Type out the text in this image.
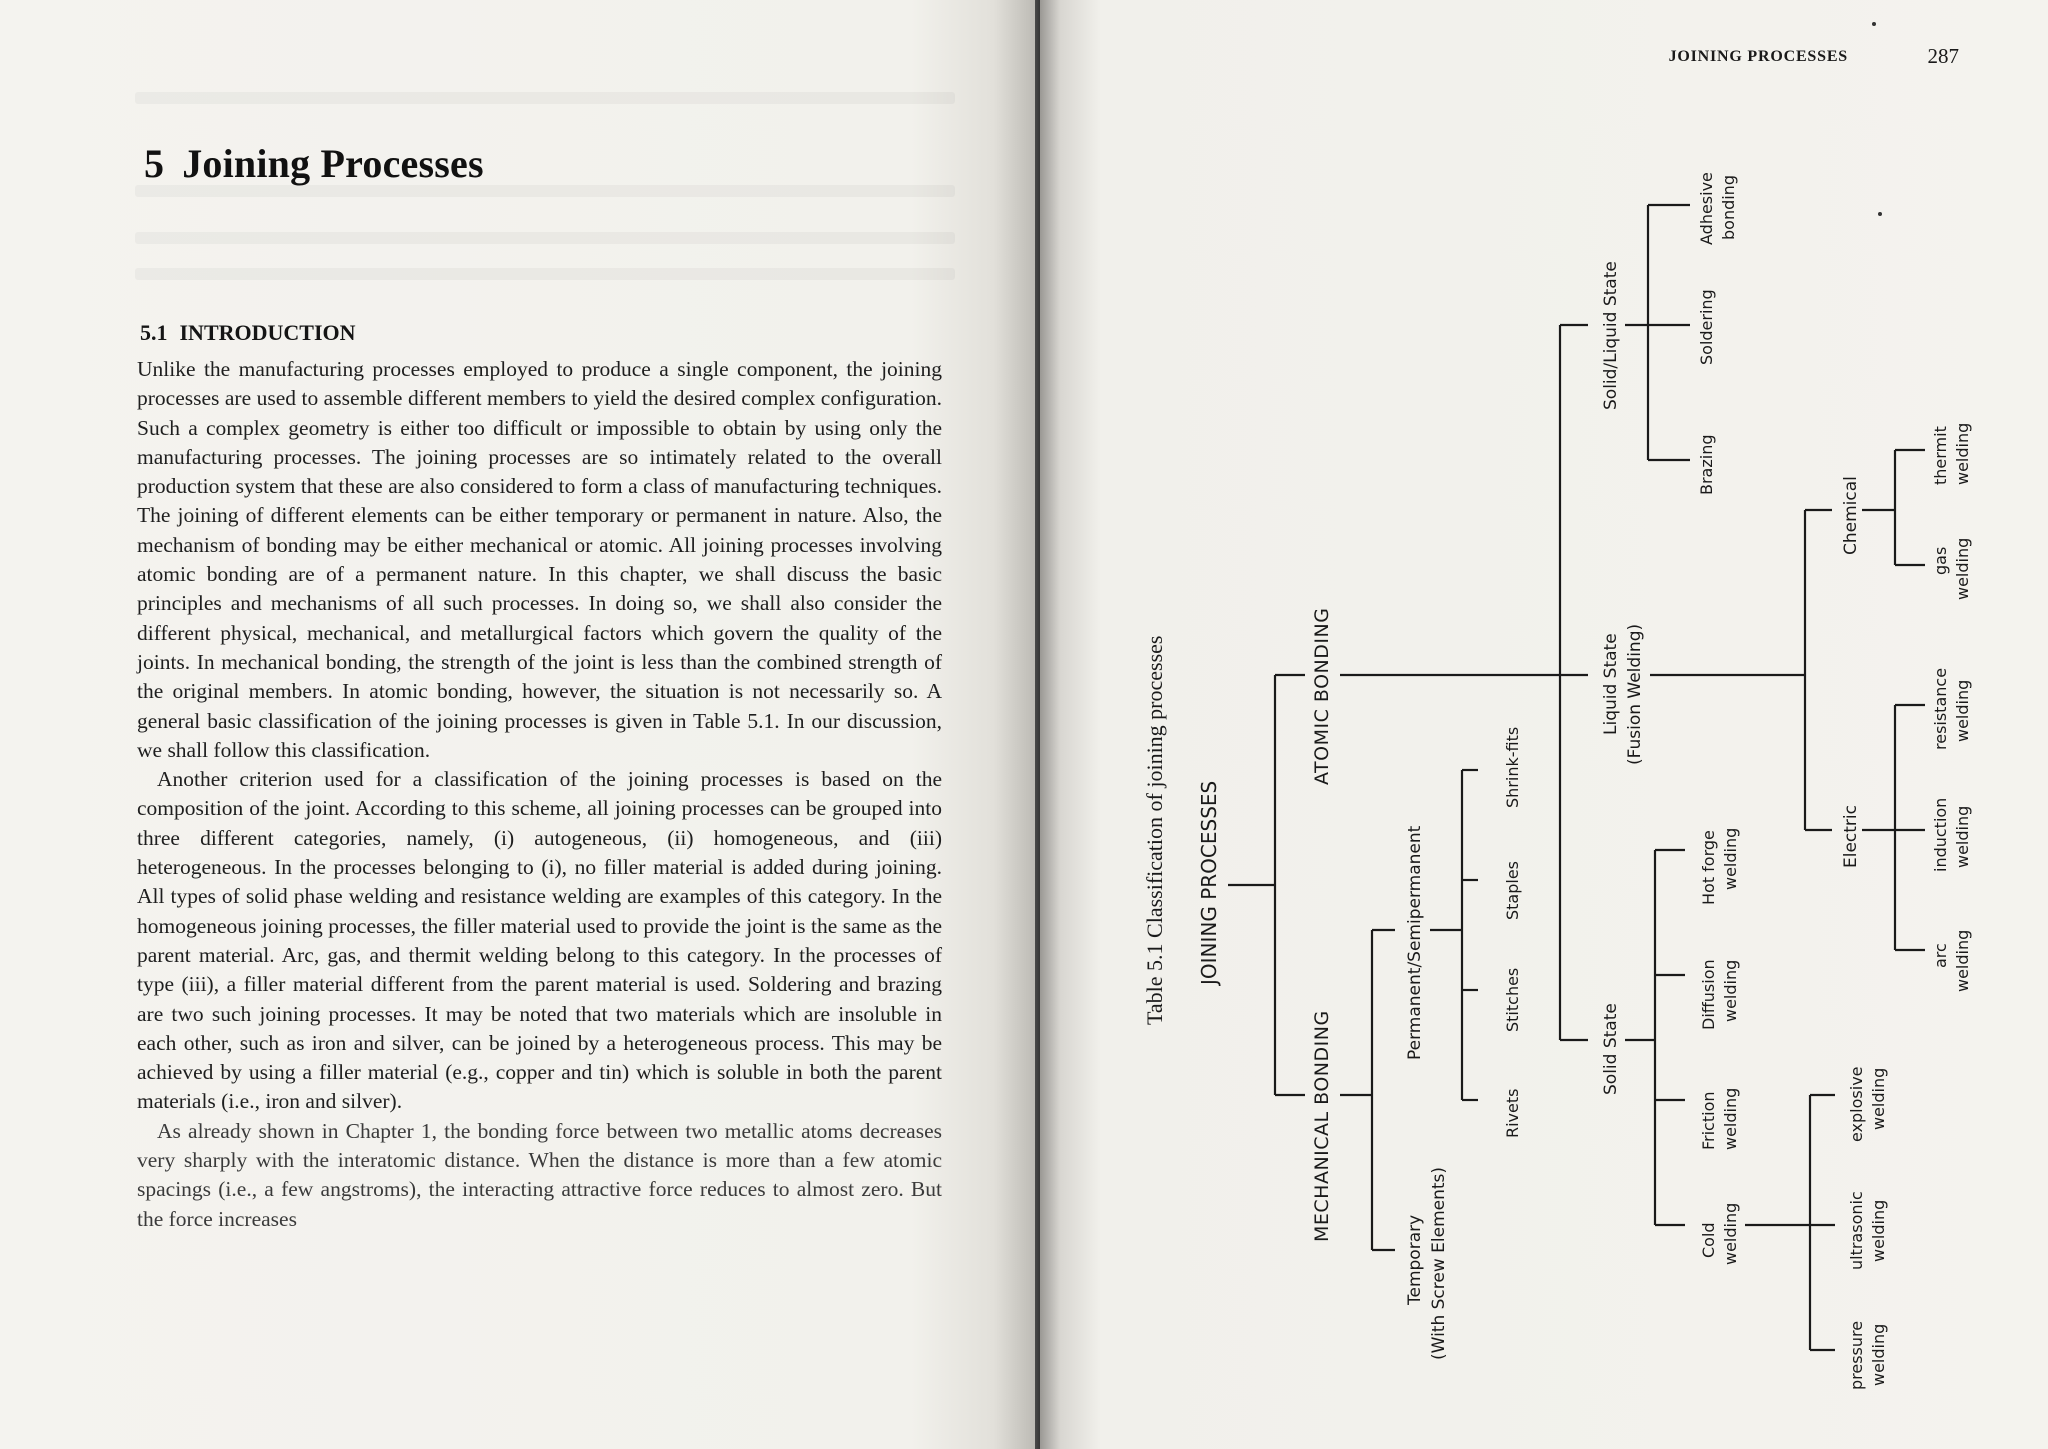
5 Joining Processes
5.1 INTRODUCTION

Unlike the manufacturing processes employed to produce a single component, the joining processes are used to assemble different members to yield the desired complex configuration. Such a complex geometry is either too difficult or impossible to obtain by using only the manufacturing processes. The joining processes are so intimately related to the overall production system that these are also considered to form a class of manufacturing techniques. The joining of different elements can be either temporary or permanent in nature. Also, the mechanism of bonding may be either mechanical or atomic. All joining processes involving atomic bonding are of a permanent nature. In this chapter, we shall discuss the basic principles and mechanisms of all such processes. In doing so, we shall also consider the different physical, mechanical, and metallurgical factors which govern the quality of the joints. In mechanical bonding, the strength of the joint is less than the combined strength of the original members. In atomic bonding, however, the situation is not necessarily so. A general basic classification of the joining processes is given in Table 5.1. In our discussion, we shall follow this classification.

Another criterion used for a classification of the joining processes is based on the composition of the joint. According to this scheme, all joining processes can be grouped into three different categories, namely, (i) autogeneous, (ii) homogeneous, and (iii) heterogeneous. In the processes belonging to (i), no filler material is added during joining. All types of solid phase welding and resistance welding are examples of this category. In the homogeneous joining processes, the filler material used to provide the joint is the same as the parent material. Arc, gas, and thermit welding belong to this category. In the processes of type (iii), a filler material different from the parent material is used. Soldering and brazing are two such joining processes. It may be noted that two materials which are insoluble in each other, such as iron and silver, can be joined by a heterogeneous process. This may be achieved by using a filler material (e.g., copper and tin) which is soluble in both the parent materials (i.e., iron and silver).

As already shown in Chapter 1, the bonding force between two metallic atoms decreases very sharply with the interatomic distance. When the distance is more than a few atomic spacings (i.e., a few angstroms), the interacting attractive force reduces to almost zero. But the force increases

JOINING PROCESSES	287
Table 5.1 Classification of joining processes JOINING PROCESSES
MECHANICAL BONDING
ATOMIC BONDING
Temporary (With Screw Elements)
Permanent/Semipermanent
Rivets
Stitches
Staples
Shrink-fits
Solid/Liquid State
Liquid State (Fusion Welding)
Solid State
Brazing
Soldering
Adhesive bonding
Chemical
Electric
thermit welding
gas welding
resistance welding
induction welding
arc welding
Hot forge welding
Diffusion welding
Friction welding
Cold welding
explosive welding
ultrasonic welding
pressure welding
